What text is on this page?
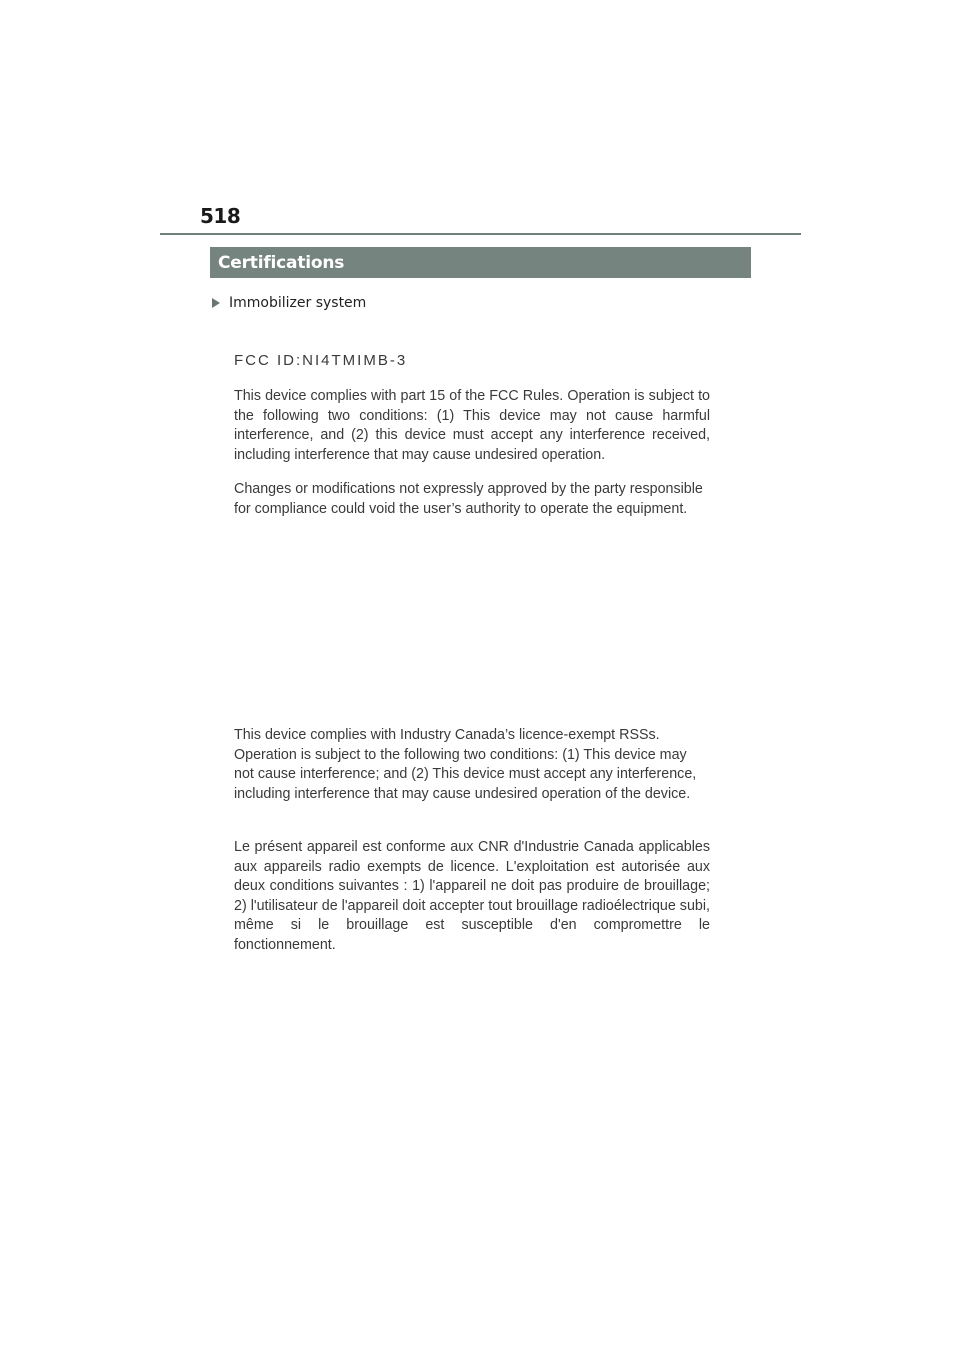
518
Certifications
Immobilizer system
FCC ID:NI4TMIMB-3

This device complies with part 15 of the FCC Rules. Operation is subject to the following two conditions: (1) This device may not cause harmful interference, and (2) this device must accept any interference received, including interference that may cause undesired operation.

Changes or modifications not expressly approved by the party responsible for compliance could void the user’s authority to operate the equipment.

This device complies with Industry Canada’s licence-exempt RSSs. Operation is subject to the following two conditions: (1) This device may not cause interference; and (2) This device must accept any interference, including interference that may cause undesired operation of the device.

Le présent appareil est conforme aux CNR d'Industrie Canada applicables aux appareils radio exempts de licence. L'exploitation est autorisée aux deux conditions suivantes : 1) l'appareil ne doit pas produire de brouillage; 2) l'utilisateur de l'appareil doit accepter tout brouillage radioélectrique subi, même si le brouillage est susceptible d'en compromettre le fonctionnement.
